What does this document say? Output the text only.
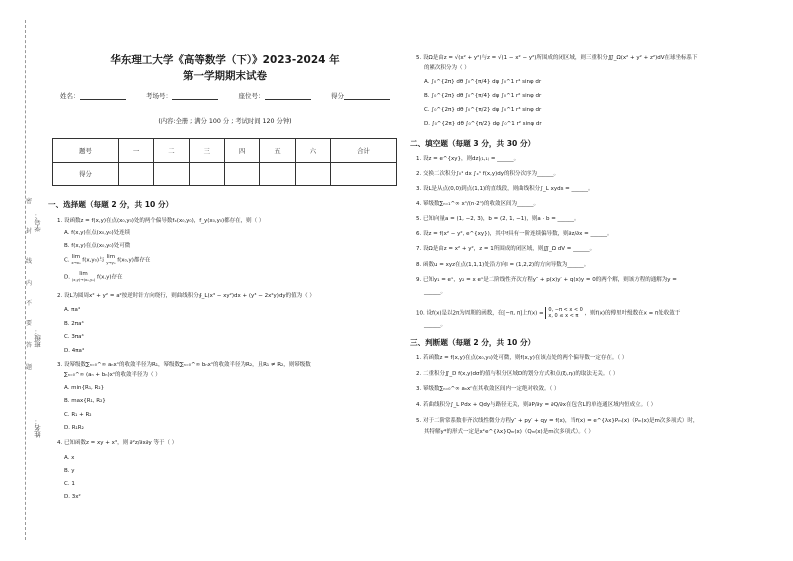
学号：
班级：
姓名：
密
封
线
内
不
要
答
题
华东理工大学《高等数学（下）》2023-2024 年
第一学期期末试卷
姓名：	考场号：	座位号：	得分
(内容:全册 ; 满分 100 分 ; 考试时间 120 分钟)
题号	一	二	三	四	五	六	合计
得分							
一、选择题（每题 2 分，共 10 分）
1. 设函数z = f(x,y)在点(x₀,y₀)处的两个偏导数fₓ(x₀,y₀)，f_y(x₀,y₀)都存在，则（ ）
A. f(x,y)在点(x₀,y₀)处连续
B. f(x,y)在点(x₀,y₀)处可微
C. lim
x→x₀ f(x,y₀)与 lim
y→y₀ f(x₀,y)都存在
D. lim
(x,y)→(x₀,y₀) f(x,y)存在
2. 设L为圆周x² + y² = a²按逆时针方向绕行，则曲线积分∮_L(x³ − xy²)dx + (y³ − 2x²y)dy的值为（ ）
A. πa⁴
B. 2πa⁴
C. 3πa⁴
D. 4πa⁴
3. 设幂级数∑ₙ₌₀^∞ aₙxⁿ的收敛半径为R₁，幂级数∑ₙ₌₀^∞ bₙxⁿ的收敛半径为R₂，且R₁ ≠ R₂，则幂级数
∑ₙ₌₀^∞ (aₙ + bₙ)xⁿ的收敛半径为（ ）
A. min{R₁, R₂}
B. max{R₁, R₂}
C. R₁ + R₂
D. R₁R₂
4. 已知函数z = xy + x³，则 ∂²z/∂x∂y 等于（ ）
A. x
B. y
C. 1
D. 3x²
5. 设Ω是由z = √(x² + y²)与z = √(1 − x² − y²)所围成的闭区域，则三重积分∭_Ω(x² + y² + z²)dV在球坐标系下
的累次积分为（ ）
A. ∫₀^{2π} dθ ∫₀^{π/4} dφ ∫₀^1 r⁴ sinφ dr
B. ∫₀^{2π} dθ ∫₀^{π/4} dφ ∫₀^1 r² sinφ dr
C. ∫₀^{2π} dθ ∫₀^{π/2} dφ ∫₀^1 r⁴ sinφ dr
D. ∫₀^{2π} dθ ∫₀^{π/2} dφ ∫₀^1 r² sinφ dr
二、填空题（每题 3 分，共 30 分）
1. 设z = e^{xy}，则dz|₍₁,₁₎ = ______。
2. 交换二次积分∫₀¹ dx ∫ₓ¹ f(x,y)dy的积分次序为______。
3. 设L是从点(0,0)到点(1,1)的直线段，则曲线积分∫_L xyds = ______。
4. 幂级数∑ₙ₌₁^∞ xⁿ/(n·2ⁿ)的收敛区间为______。
5. 已知向量a = (1, −2, 3)，b = (2, 1, −1)，则a · b = ______。
6. 设z = f(x² − y², e^{xy})，其中f具有一阶连续偏导数，则∂z/∂x = ______。
7. 设Ω是由z = x² + y²，z = 1所围成的闭区域，则∭_Ω dV = ______。
8. 函数u = xyz在点(1,1,1)处沿方向l = (1,2,2)的方向导数为______。
9. 已知y₁ = eˣ，y₂ = x eˣ是二阶线性齐次方程y″ + p(x)y′ + q(x)y = 0的两个解，则该方程的通解为y =
______。
10. 设f(x)是以2π为周期的函数，在[−π, π]上f(x) =
0, −π < x < 0
x, 0 ≤ x < π	，则f(x)的傅里叶级数在x = π处收敛于
______。
三、判断题（每题 2 分，共 10 分）
1. 若函数z = f(x,y)在点(x₀,y₀)处可微，则f(x,y)在该点处的两个偏导数一定存在。（ ）
2. 二重积分∬_D f(x,y)dσ的值与积分区域D的划分方式和点(ξᵢ,ηᵢ)的取法无关。（ ）
3. 幂级数∑ₙ₌₀^∞ aₙxⁿ在其收敛区间内一定绝对收敛。（ ）
4. 若曲线积分∫_L Pdx + Qdy与路径无关，则∂P/∂y = ∂Q/∂x在包含L的单连通区域内恒成立。（ ）
5. 对于二阶常系数非齐次线性微分方程y″ + py′ + qy = f(x)，当f(x) = e^{λx}Pₘ(x)（Pₘ(x)是m次多项式）时，
其特解y*的形式一定是xᵏe^{λx}Qₘ(x)（Qₘ(x)是m次多项式）。（ ）
